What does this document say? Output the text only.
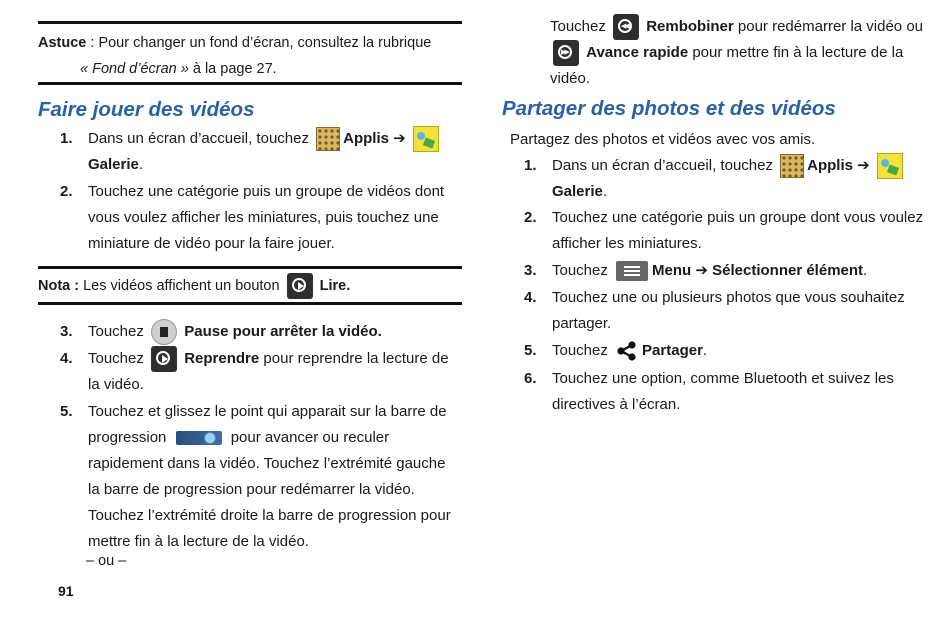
Astuce : Pour changer un fond d’écran, consultez la rubrique
« Fond d’écran » à la page 27.
Faire jouer des vidéos
1. Dans un écran d’accueil, touchez Applis ➔
Galerie.
2. Touchez une catégorie puis un groupe de vidéos dont vous voulez afficher les miniatures, puis touchez une miniature de vidéo pour la faire jouer.
Nota : Les vidéos affichent un bouton
Lire.
3. Touchez  Pause pour arrêter la vidéo.
4. Touchez
Reprendre pour reprendre la lecture de la vidéo.
5. Touchez et glissez le point qui apparait sur la barre de progression	pour avancer ou reculer rapidement dans la vidéo. Touchez l’extrémité gauche la barre de progression pour redémarrer la vidéo. Touchez l’extrémité droite la barre de progression pour mettre fin à la lecture de la vidéo.
– ou –
91
Touchez ◀◀ Rembobiner pour redémarrer la vidéo ou

▶▶ Avance rapide pour mettre fin à la lecture de la vidéo.
Partager des photos et des vidéos
Partagez des photos et vidéos avec vos amis.
1. Dans un écran d’accueil, touchez Applis ➔
Galerie.
2. Touchez une catégorie puis un groupe dont vous voulez afficher les miniatures.
3. Touchez	Menu ➔ Sélectionner élément.
4. Touchez une ou plusieurs photos que vous souhaitez partager.
5. Touchez Partager.
6. Touchez une option, comme Bluetooth et suivez les directives à l’écran.
